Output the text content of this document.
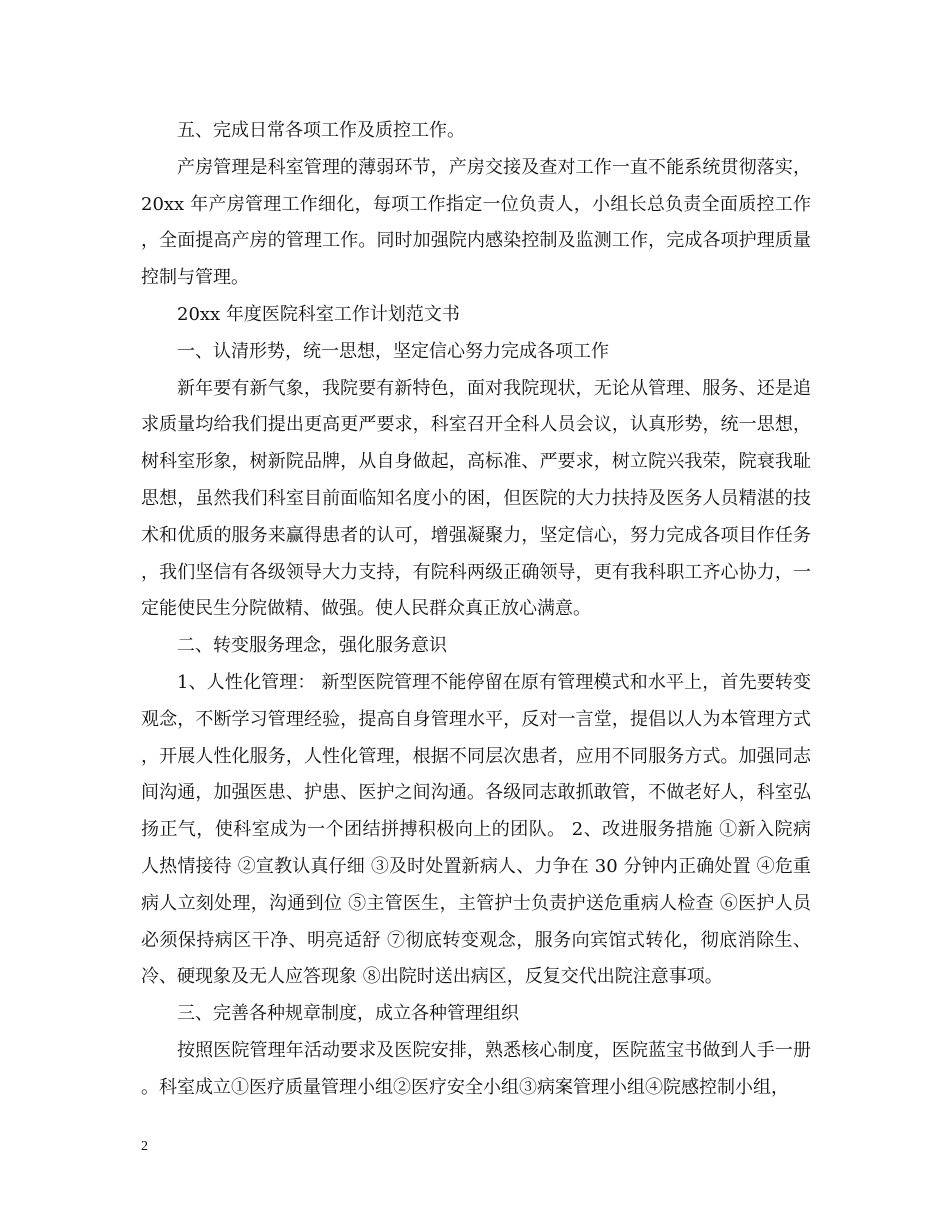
五、完成日常各项工作及质控工作。

产房管理是科室管理的薄弱环节，产房交接及查对工作一直不能系统贯彻落实，20xx 年产房管理工作细化，每项工作指定一位负责人，小组长总负责全面质控工作，全面提高产房的管理工作。同时加强院内感染控制及监测工作，完成各项护理质量控制与管理。

20xx 年度医院科室工作计划范文书

一、认清形势，统一思想，坚定信心努力完成各项工作

新年要有新气象，我院要有新特色，面对我院现状，无论从管理、服务、还是追求质量均给我们提出更高更严要求，科室召开全科人员会议，认真形势，统一思想，树科室形象，树新院品牌，从自身做起，高标准、严要求，树立院兴我荣，院衰我耻思想，虽然我们科室目前面临知名度小的困，但医院的大力扶持及医务人员精湛的技术和优质的服务来赢得患者的认可，增强凝聚力，坚定信心，努力完成各项目作任务，我们坚信有各级领导大力支持，有院科两级正确领导，更有我科职工齐心协力，一定能使民生分院做精、做强。使人民群众真正放心满意。

二、转变服务理念，强化服务意识

1、人性化管理： 新型医院管理不能停留在原有管理模式和水平上，首先要转变观念，不断学习管理经验，提高自身管理水平，反对一言堂，提倡以人为本管理方式，开展人性化服务，人性化管理，根据不同层次患者，应用不同服务方式。加强同志间沟通，加强医患、护患、医护之间沟通。各级同志敢抓敢管，不做老好人，科室弘扬正气，使科室成为一个团结拼搏积极向上的团队。 2、改进服务措施 ①新入院病人热情接待 ②宣教认真仔细 ③及时处置新病人、力争在 30 分钟内正确处置 ④危重病人立刻处理，沟通到位 ⑤主管医生，主管护士负责护送危重病人检查 ⑥医护人员必须保持病区干净、明亮适舒 ⑦彻底转变观念，服务向宾馆式转化，彻底消除生、冷、硬现象及无人应答现象 ⑧出院时送出病区，反复交代出院注意事项。

三、完善各种规章制度，成立各种管理组织

按照医院管理年活动要求及医院安排，熟悉核心制度，医院蓝宝书做到人手一册。科室成立①医疗质量管理小组②医疗安全小组③病案管理小组④院感控制小组，

2
